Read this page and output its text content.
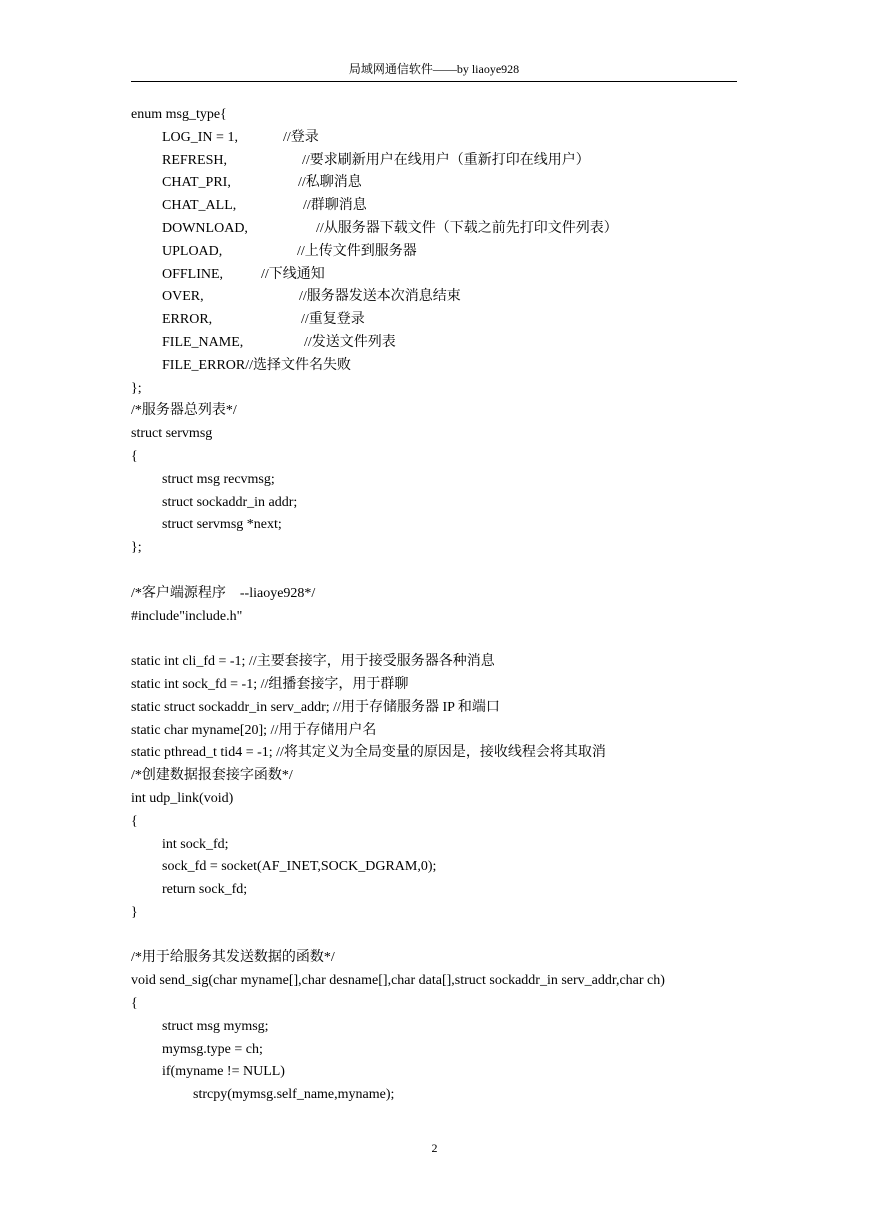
局域网通信软件——by liaoye928
enum msg_type{
LOG_IN = 1,	//登录
REFRESH,	//要求刷新用户在线用户（重新打印在线用户）
CHAT_PRI,	//私聊消息
CHAT_ALL,	//群聊消息
DOWNLOAD,	//从服务器下载文件（下载之前先打印文件列表）
UPLOAD,	//上传文件到服务器
OFFLINE,	//下线通知
OVER,	//服务器发送本次消息结束
ERROR,	//重复登录
FILE_NAME,	//发送文件列表
FILE_ERROR//选择文件名失败
};
/*服务器总列表*/
struct servmsg
{
struct msg recvmsg;
struct sockaddr_in addr;
struct servmsg *next;
};
/*客户端源程序    --liaoye928*/
#include"include.h"
static int cli_fd = -1; //主要套接字，用于接受服务器各种消息
static int sock_fd = -1; //组播套接字，用于群聊
static struct sockaddr_in serv_addr; //用于存储服务器 IP 和端口
static char myname[20]; //用于存储用户名
static pthread_t tid4 = -1; //将其定义为全局变量的原因是，接收线程会将其取消
/*创建数据报套接字函数*/
int udp_link(void)
{
int sock_fd;
sock_fd = socket(AF_INET,SOCK_DGRAM,0);
return sock_fd;
}
/*用于给服务其发送数据的函数*/
void send_sig(char myname[],char desname[],char data[],struct sockaddr_in serv_addr,char ch)
{
struct msg mymsg;
mymsg.type = ch;
if(myname != NULL)
strcpy(mymsg.self_name,myname);
2
